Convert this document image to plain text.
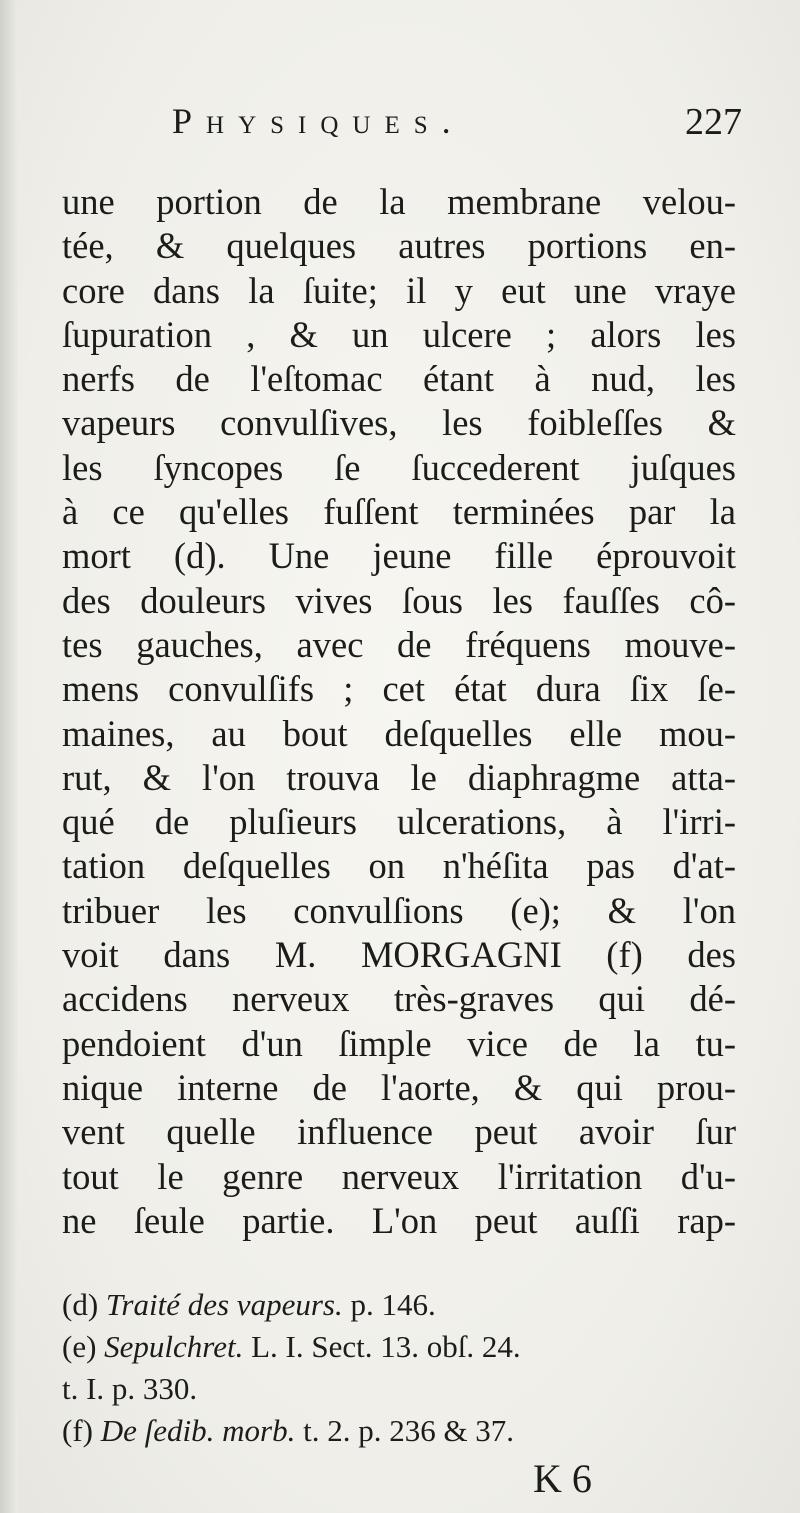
Physiques.	227
une portion de la membrane velou-
tée, & quelques autres portions en-
core dans la ſuite; il y eut une vraye
ſupuration , & un ulcere ; alors les
nerfs de l'eſtomac étant à nud, les
vapeurs convulſives, les foibleſſes &
les ſyncopes ſe ſuccederent juſques
à ce qu'elles fuſſent terminées par la
mort (d). Une jeune fille éprouvoit
des douleurs vives ſous les fauſſes cô-
tes gauches, avec de fréquens mouve-
mens convulſifs ; cet état dura ſix ſe-
maines, au bout deſquelles elle mou-
rut, & l'on trouva le diaphragme atta-
qué de pluſieurs ulcerations, à l'irri-
tation deſquelles on n'héſita pas d'at-
tribuer les convulſions (e); & l'on
voit dans M. MORGAGNI (f) des
accidens nerveux très-graves qui dé-
pendoient d'un ſimple vice de la tu-
nique interne de l'aorte, & qui prou-
vent quelle influence peut avoir ſur
tout le genre nerveux l'irritation d'u-
ne ſeule partie. L'on peut auſſi rap-
(d) Traité des vapeurs. p. 146.
(e) Sepulchret. L. I. Sect. 13. obſ. 24.
t. I. p. 330.
(f) De ſedib. morb. t. 2. p. 236 & 37.
K 6
